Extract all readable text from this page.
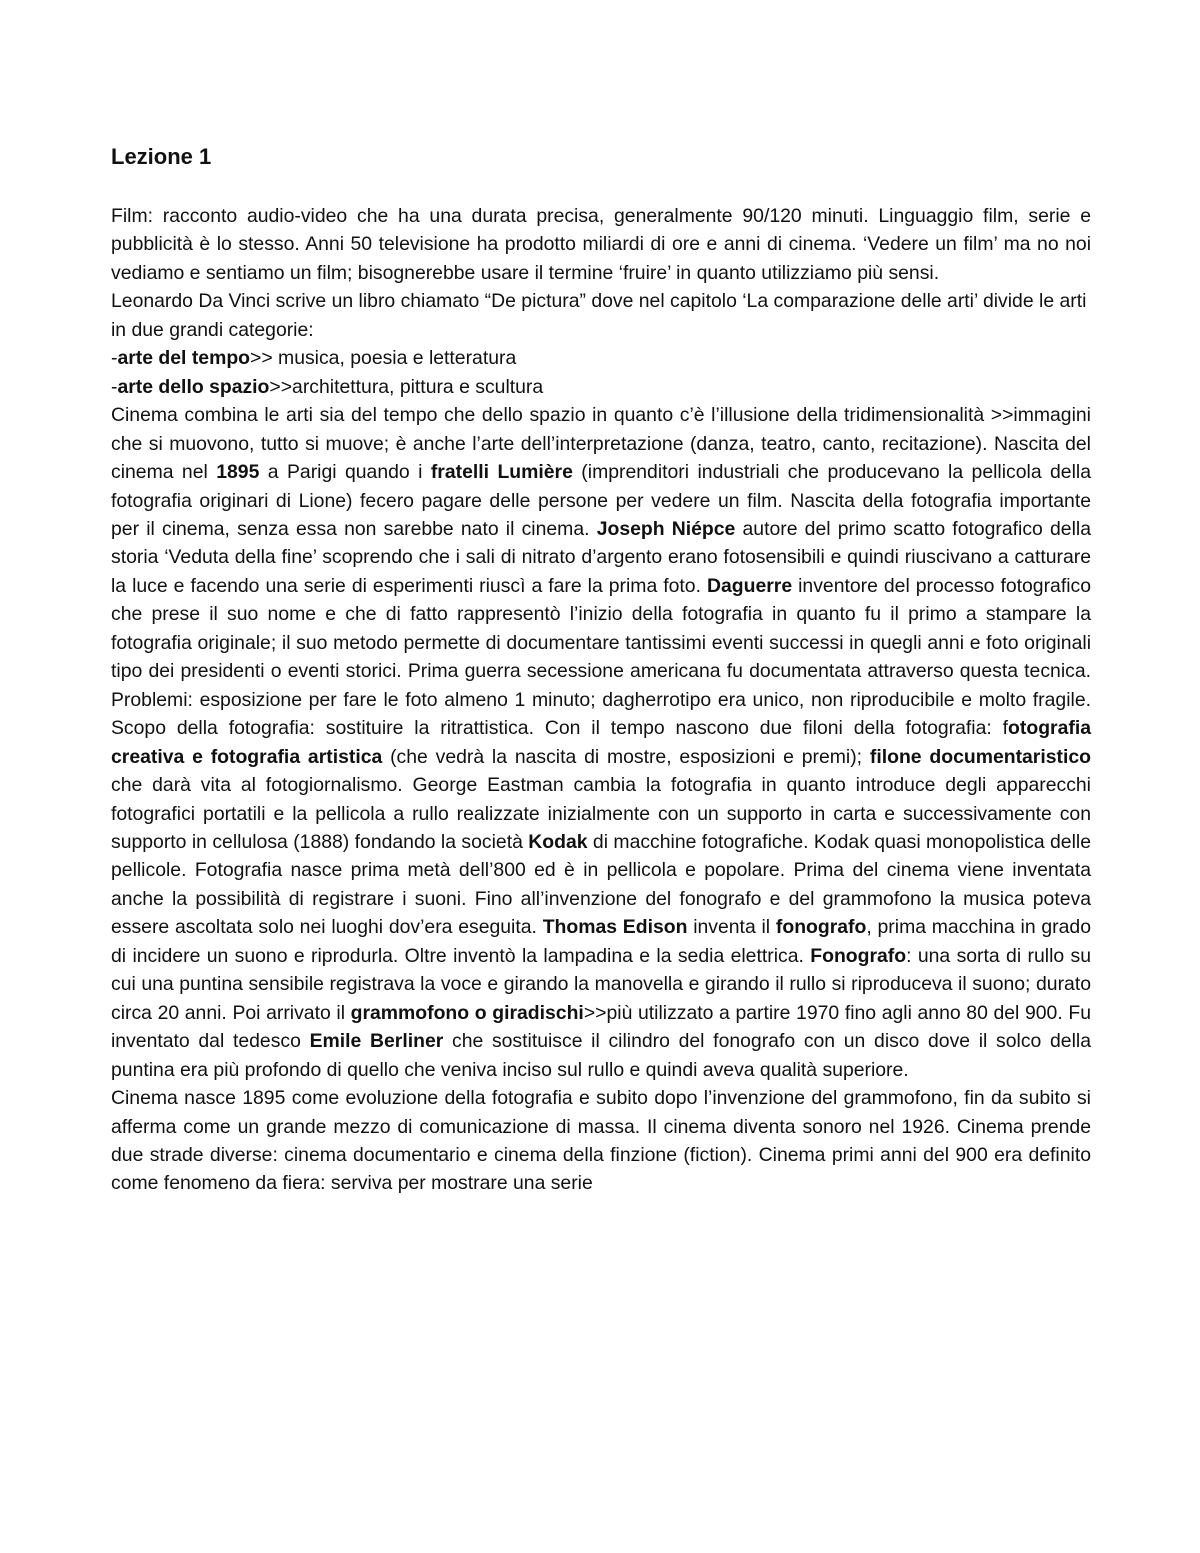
Lezione 1

Film: racconto audio-video che ha una durata precisa, generalmente 90/120 minuti. Linguaggio film, serie e pubblicità è lo stesso. Anni 50 televisione ha prodotto miliardi di ore e anni di cinema. ‘Vedere un film’ ma no noi vediamo e sentiamo un film; bisognerebbe usare il termine ‘fruire’ in quanto utilizziamo più sensi.

Leonardo Da Vinci scrive un libro chiamato “De pictura” dove nel capitolo ‘La comparazione delle arti’ divide le arti in due grandi categorie:

-arte del tempo>> musica, poesia e letteratura

-arte dello spazio>>architettura, pittura e scultura

Cinema combina le arti sia del tempo che dello spazio in quanto c’è l’illusione della tridimensionalità >>immagini che si muovono, tutto si muove; è anche l’arte dell’interpretazione (danza, teatro, canto, recitazione). Nascita del cinema nel 1895 a Parigi quando i fratelli Lumière (imprenditori industriali che producevano la pellicola della fotografia originari di Lione) fecero pagare delle persone per vedere un film. Nascita della fotografia importante per il cinema, senza essa non sarebbe nato il cinema. Joseph Niépce autore del primo scatto fotografico della storia ‘Veduta della fine’ scoprendo che i sali di nitrato d’argento erano fotosensibili e quindi riuscivano a catturare la luce e facendo una serie di esperimenti riuscì a fare la prima foto. Daguerre inventore del processo fotografico che prese il suo nome e che di fatto rappresentò l’inizio della fotografia in quanto fu il primo a stampare la fotografia originale; il suo metodo permette di documentare tantissimi eventi successi in quegli anni e foto originali tipo dei presidenti o eventi storici. Prima guerra secessione americana fu documentata attraverso questa tecnica. Problemi: esposizione per fare le foto almeno 1 minuto; dagherrotipo era unico, non riproducibile e molto fragile. Scopo della fotografia: sostituire la ritrattistica. Con il tempo nascono due filoni della fotografia: fotografia creativa e fotografia artistica (che vedrà la nascita di mostre, esposizioni e premi); filone documentaristico che darà vita al fotogiornalismo. George Eastman cambia la fotografia in quanto introduce degli apparecchi fotografici portatili e la pellicola a rullo realizzate inizialmente con un supporto in carta e successivamente con supporto in cellulosa (1888) fondando la società Kodak di macchine fotografiche. Kodak quasi monopolistica delle pellicole. Fotografia nasce prima metà dell’800 ed è in pellicola e popolare. Prima del cinema viene inventata anche la possibilità di registrare i suoni. Fino all’invenzione del fonografo e del grammofono la musica poteva essere ascoltata solo nei luoghi dov’era eseguita. Thomas Edison inventa il fonografo, prima macchina in grado di incidere un suono e riprodurla. Oltre inventò la lampadina e la sedia elettrica. Fonografo: una sorta di rullo su cui una puntina sensibile registrava la voce e girando la manovella e girando il rullo si riproduceva il suono; durato circa 20 anni. Poi arrivato il grammofono o giradischi>>più utilizzato a partire 1970 fino agli anno 80 del 900. Fu inventato dal tedesco Emile Berliner che sostituisce il cilindro del fonografo con un disco dove il solco della puntina era più profondo di quello che veniva inciso sul rullo e quindi aveva qualità superiore.

Cinema nasce 1895 come evoluzione della fotografia e subito dopo l’invenzione del grammofono, fin da subito si afferma come un grande mezzo di comunicazione di massa. Il cinema diventa sonoro nel 1926. Cinema prende due strade diverse: cinema documentario e cinema della finzione (fiction). Cinema primi anni del 900 era definito come fenomeno da fiera: serviva per mostrare una serie
